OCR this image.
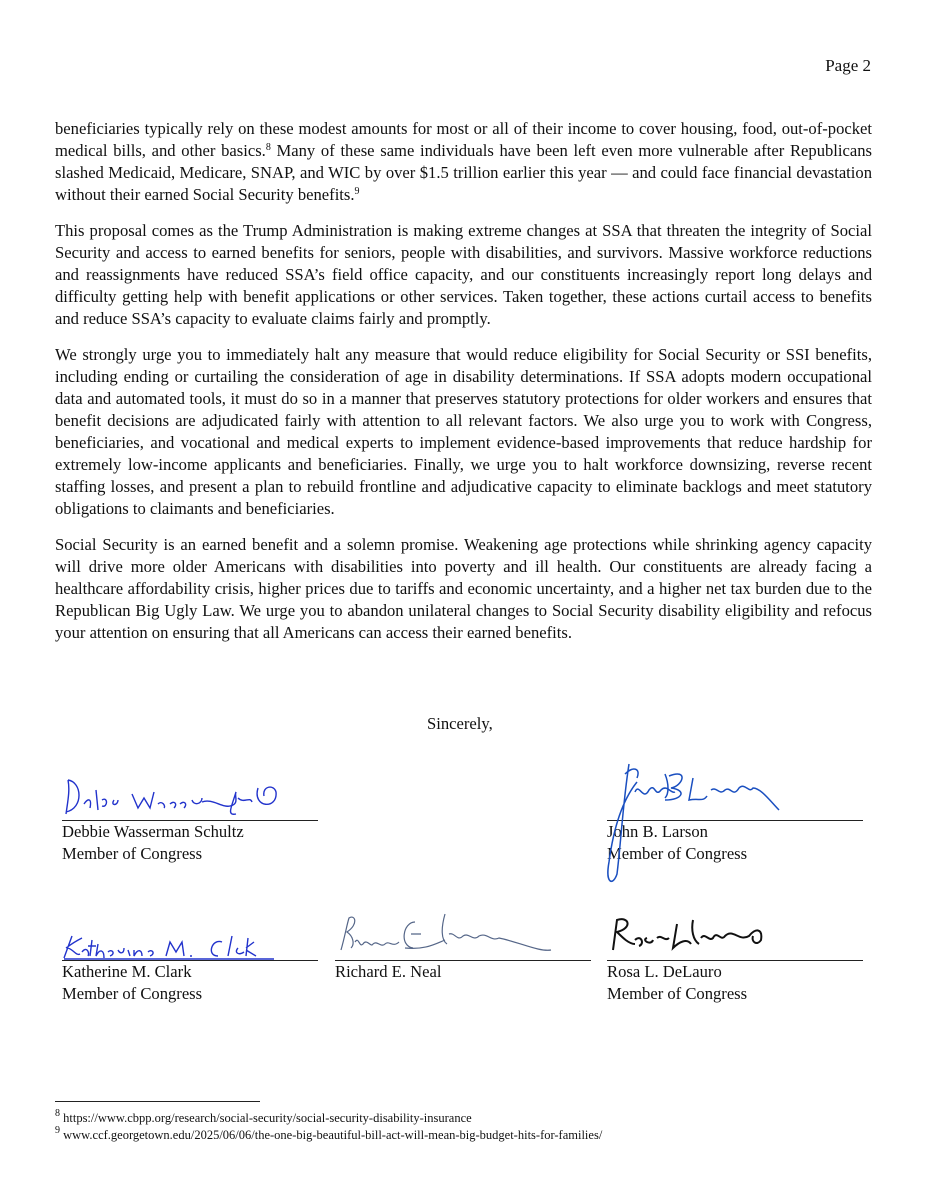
Page 2

beneficiaries typically rely on these modest amounts for most or all of their income to cover housing, food, out-of-pocket medical bills, and other basics.$^8$ Many of these same individuals have been left even more vulnerable after Republicans slashed Medicaid, Medicare, SNAP, and WIC by over $1.5 trillion earlier this year — and could face financial devastation without their earned Social Security benefits.$^9$

This proposal comes as the Trump Administration is making extreme changes at SSA that threaten the integrity of Social Security and access to earned benefits for seniors, people with disabilities, and survivors. Massive workforce reductions and reassignments have reduced SSA’s field office capacity, and our constituents increasingly report long delays and difficulty getting help with benefit applications or other services. Taken together, these actions curtail access to benefits and reduce SSA’s capacity to evaluate claims fairly and promptly.

We strongly urge you to immediately halt any measure that would reduce eligibility for Social Security or SSI benefits, including ending or curtailing the consideration of age in disability determinations. If SSA adopts modern occupational data and automated tools, it must do so in a manner that preserves statutory protections for older workers and ensures that benefit decisions are adjudicated fairly with attention to all relevant factors. We also urge you to work with Congress, beneficiaries, and vocational and medical experts to implement evidence-based improvements that reduce hardship for extremely low-income applicants and beneficiaries. Finally, we urge you to halt workforce downsizing, reverse recent staffing losses, and present a plan to rebuild frontline and adjudicative capacity to eliminate backlogs and meet statutory obligations to claimants and beneficiaries.

Social Security is an earned benefit and a solemn promise. Weakening age protections while shrinking agency capacity will drive more older Americans with disabilities into poverty and ill health. Our constituents are already facing a healthcare affordability crisis, higher prices due to tariffs and economic uncertainty, and a higher net tax burden due to the Republican Big Ugly Law. We urge you to abandon unilateral changes to Social Security disability eligibility and refocus your attention on ensuring that all Americans can access their earned benefits.

Sincerely,
Debbie Wasserman Schultz
Member of Congress
John B. Larson
Member of Congress
Katherine M. Clark
Member of Congress
Richard E. Neal	Rosa L. DeLauro
Member of Congress
$^8$ https://www.cbpp.org/research/social-security/social-security-disability-insurance
$^9$ www.ccf.georgetown.edu/2025/06/06/the-one-big-beautiful-bill-act-will-mean-big-budget-hits-for-families/
